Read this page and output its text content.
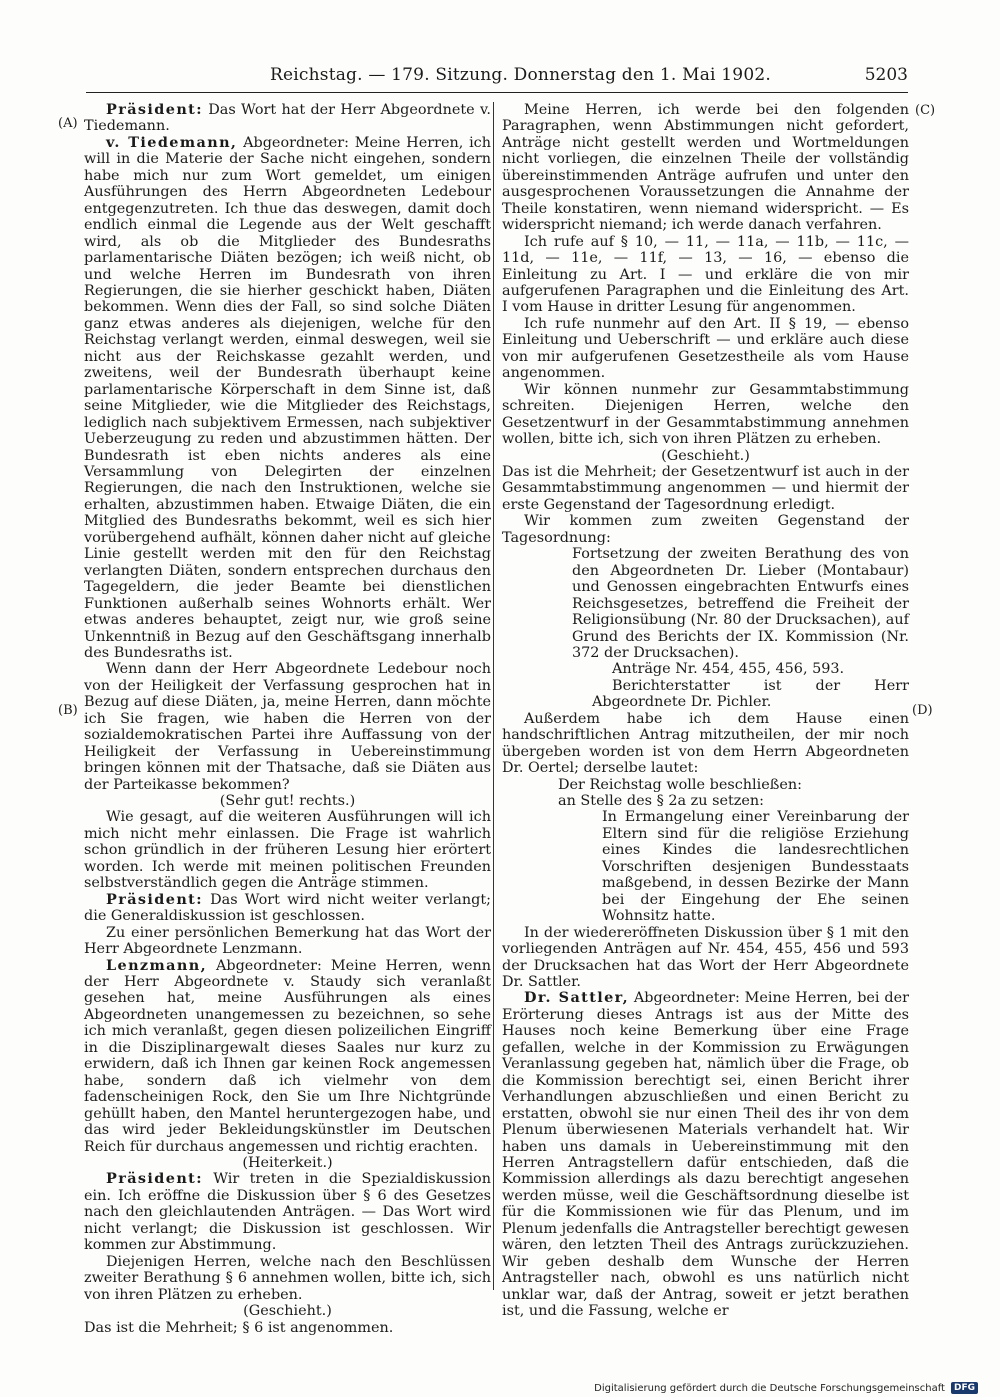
Reichstag. — 179. Sitzung. Donnerstag den 1. Mai 1902.	5203
(A)
(B)
(C)
(D)

Präsident: Das Wort hat der Herr Abgeordnete v. Tiedemann.

v. Tiedemann, Abgeordneter: Meine Herren, ich will in die Materie der Sache nicht eingehen, sondern habe mich nur zum Wort gemeldet, um einigen Ausführungen des Herrn Abgeordneten Ledebour entgegenzutreten. Ich thue das deswegen, damit doch endlich einmal die Legende aus der Welt geschafft wird, als ob die Mitglieder des Bundesraths parlamentarische Diäten bezögen; ich weiß nicht, ob und welche Herren im Bundesrath von ihren Regierungen, die sie hierher geschickt haben, Diäten bekommen. Wenn dies der Fall, so sind solche Diäten ganz etwas anderes als diejenigen, welche für den Reichstag verlangt werden, einmal deswegen, weil sie nicht aus der Reichskasse gezahlt werden, und zweitens, weil der Bundesrath überhaupt keine parlamentarische Körperschaft in dem Sinne ist, daß seine Mitglieder, wie die Mitglieder des Reichstags, lediglich nach subjektivem Ermessen, nach subjektiver Ueberzeugung zu reden und abzustimmen hätten. Der Bundesrath ist eben nichts anderes als eine Versammlung von Delegirten der einzelnen Regierungen, die nach den Instruktionen, welche sie erhalten, abzustimmen haben. Etwaige Diäten, die ein Mitglied des Bundesraths bekommt, weil es sich hier vorübergehend aufhält, können daher nicht auf gleiche Linie gestellt werden mit den für den Reichstag verlangten Diäten, sondern entsprechen durchaus den Tagegeldern, die jeder Beamte bei dienstlichen Funktionen außerhalb seines Wohnorts erhält. Wer etwas anderes behauptet, zeigt nur, wie groß seine Unkenntniß in Bezug auf den Geschäftsgang innerhalb des Bundesraths ist.

Wenn dann der Herr Abgeordnete Ledebour noch von der Heiligkeit der Verfassung gesprochen hat in Bezug auf diese Diäten, ja, meine Herren, dann möchte ich Sie fragen, wie haben die Herren von der sozialdemokratischen Partei ihre Auffassung von der Heiligkeit der Verfassung in Uebereinstimmung bringen können mit der Thatsache, daß sie Diäten aus der Parteikasse bekommen?

(Sehr gut! rechts.)

Wie gesagt, auf die weiteren Ausführungen will ich mich nicht mehr einlassen. Die Frage ist wahrlich schon gründlich in der früheren Lesung hier erörtert worden. Ich werde mit meinen politischen Freunden selbstverständlich gegen die Anträge stimmen.

Präsident: Das Wort wird nicht weiter verlangt; die Generaldiskussion ist geschlossen.

Zu einer persönlichen Bemerkung hat das Wort der Herr Abgeordnete Lenzmann.

Lenzmann, Abgeordneter: Meine Herren, wenn der Herr Abgeordnete v. Staudy sich veranlaßt gesehen hat, meine Ausführungen als eines Abgeordneten unangemessen zu bezeichnen, so sehe ich mich veranlaßt, gegen diesen polizeilichen Eingriff in die Disziplinargewalt dieses Saales nur kurz zu erwidern, daß ich Ihnen gar keinen Rock angemessen habe, sondern daß ich vielmehr von dem fadenscheinigen Rock, den Sie um Ihre Nichtgründe gehüllt haben, den Mantel heruntergezogen habe, und das wird jeder Bekleidungskünstler im Deutschen Reich für durchaus angemessen und richtig erachten.

(Heiterkeit.)

Präsident: Wir treten in die Spezialdiskussion ein. Ich eröffne die Diskussion über § 6 des Gesetzes nach den gleichlautenden Anträgen. — Das Wort wird nicht verlangt; die Diskussion ist geschlossen. Wir kommen zur Abstimmung.

Diejenigen Herren, welche nach den Beschlüssen zweiter Berathung § 6 annehmen wollen, bitte ich, sich von ihren Plätzen zu erheben.

(Geschieht.)

Das ist die Mehrheit; § 6 ist angenommen.

Meine Herren, ich werde bei den folgenden Paragraphen, wenn Abstimmungen nicht gefordert, Anträge nicht gestellt werden und Wortmeldungen nicht vorliegen, die einzelnen Theile der vollständig übereinstimmenden Anträge aufrufen und unter den ausgesprochenen Voraussetzungen die Annahme der Theile konstatiren, wenn niemand widerspricht. — Es widerspricht niemand; ich werde danach verfahren.

Ich rufe auf § 10, — 11, — 11a, — 11b, — 11c, — 11d, — 11e, — 11f, — 13, — 16, — ebenso die Einleitung zu Art. I — und erkläre die von mir aufgerufenen Paragraphen und die Einleitung des Art. I vom Hause in dritter Lesung für angenommen.

Ich rufe nunmehr auf den Art. II § 19, — ebenso Einleitung und Ueberschrift — und erkläre auch diese von mir aufgerufenen Gesetzestheile als vom Hause angenommen.

Wir können nunmehr zur Gesammtabstimmung schreiten. Diejenigen Herren, welche den Gesetzentwurf in der Gesammtabstimmung annehmen wollen, bitte ich, sich von ihren Plätzen zu erheben.

(Geschieht.)

Das ist die Mehrheit; der Gesetzentwurf ist auch in der Gesammtabstimmung angenommen — und hiermit der erste Gegenstand der Tagesordnung erledigt.

Wir kommen zum zweiten Gegenstand der Tagesordnung:

Fortsetzung der zweiten Berathung des von den Abgeordneten Dr. Lieber (Montabaur) und Genossen eingebrachten Entwurfs eines Reichsgesetzes, betreffend die Freiheit der Religionsübung (Nr. 80 der Drucksachen), auf Grund des Berichts der IX. Kommission (Nr. 372 der Drucksachen).

Anträge Nr. 454, 455, 456, 593.

Berichterstatter ist der Herr Abgeordnete Dr. Pichler.

Außerdem habe ich dem Hause einen handschriftlichen Antrag mitzutheilen, der mir noch übergeben worden ist von dem Herrn Abgeordneten Dr. Oertel; derselbe lautet:

Der Reichstag wolle beschließen:

an Stelle des § 2a zu setzen:

In Ermangelung einer Vereinbarung der Eltern sind für die religiöse Erziehung eines Kindes die landesrechtlichen Vorschriften desjenigen Bundesstaats maßgebend, in dessen Bezirke der Mann bei der Eingehung der Ehe seinen Wohnsitz hatte.

In der wiedereröffneten Diskussion über § 1 mit den vorliegenden Anträgen auf Nr. 454, 455, 456 und 593 der Drucksachen hat das Wort der Herr Abgeordnete Dr. Sattler.

Dr. Sattler, Abgeordneter: Meine Herren, bei der Erörterung dieses Antrags ist aus der Mitte des Hauses noch keine Bemerkung über eine Frage gefallen, welche in der Kommission zu Erwägungen Veranlassung gegeben hat, nämlich über die Frage, ob die Kommission berechtigt sei, einen Bericht ihrer Verhandlungen abzuschließen und einen Bericht zu erstatten, obwohl sie nur einen Theil des ihr von dem Plenum überwiesenen Materials verhandelt hat. Wir haben uns damals in Uebereinstimmung mit den Herren Antragstellern dafür entschieden, daß die Kommission allerdings als dazu berechtigt angesehen werden müsse, weil die Geschäftsordnung dieselbe ist für die Kommissionen wie für das Plenum, und im Plenum jedenfalls die Antragsteller berechtigt gewesen wären, den letzten Theil des Antrags zurückzuziehen. Wir geben deshalb dem Wunsche der Herren Antragsteller nach, obwohl es uns natürlich nicht unklar war, daß der Antrag, soweit er jetzt berathen ist, und die Fassung, welche er

Digitalisierung gefördert durch die Deutsche Forschungsgemeinschaft	DFG
